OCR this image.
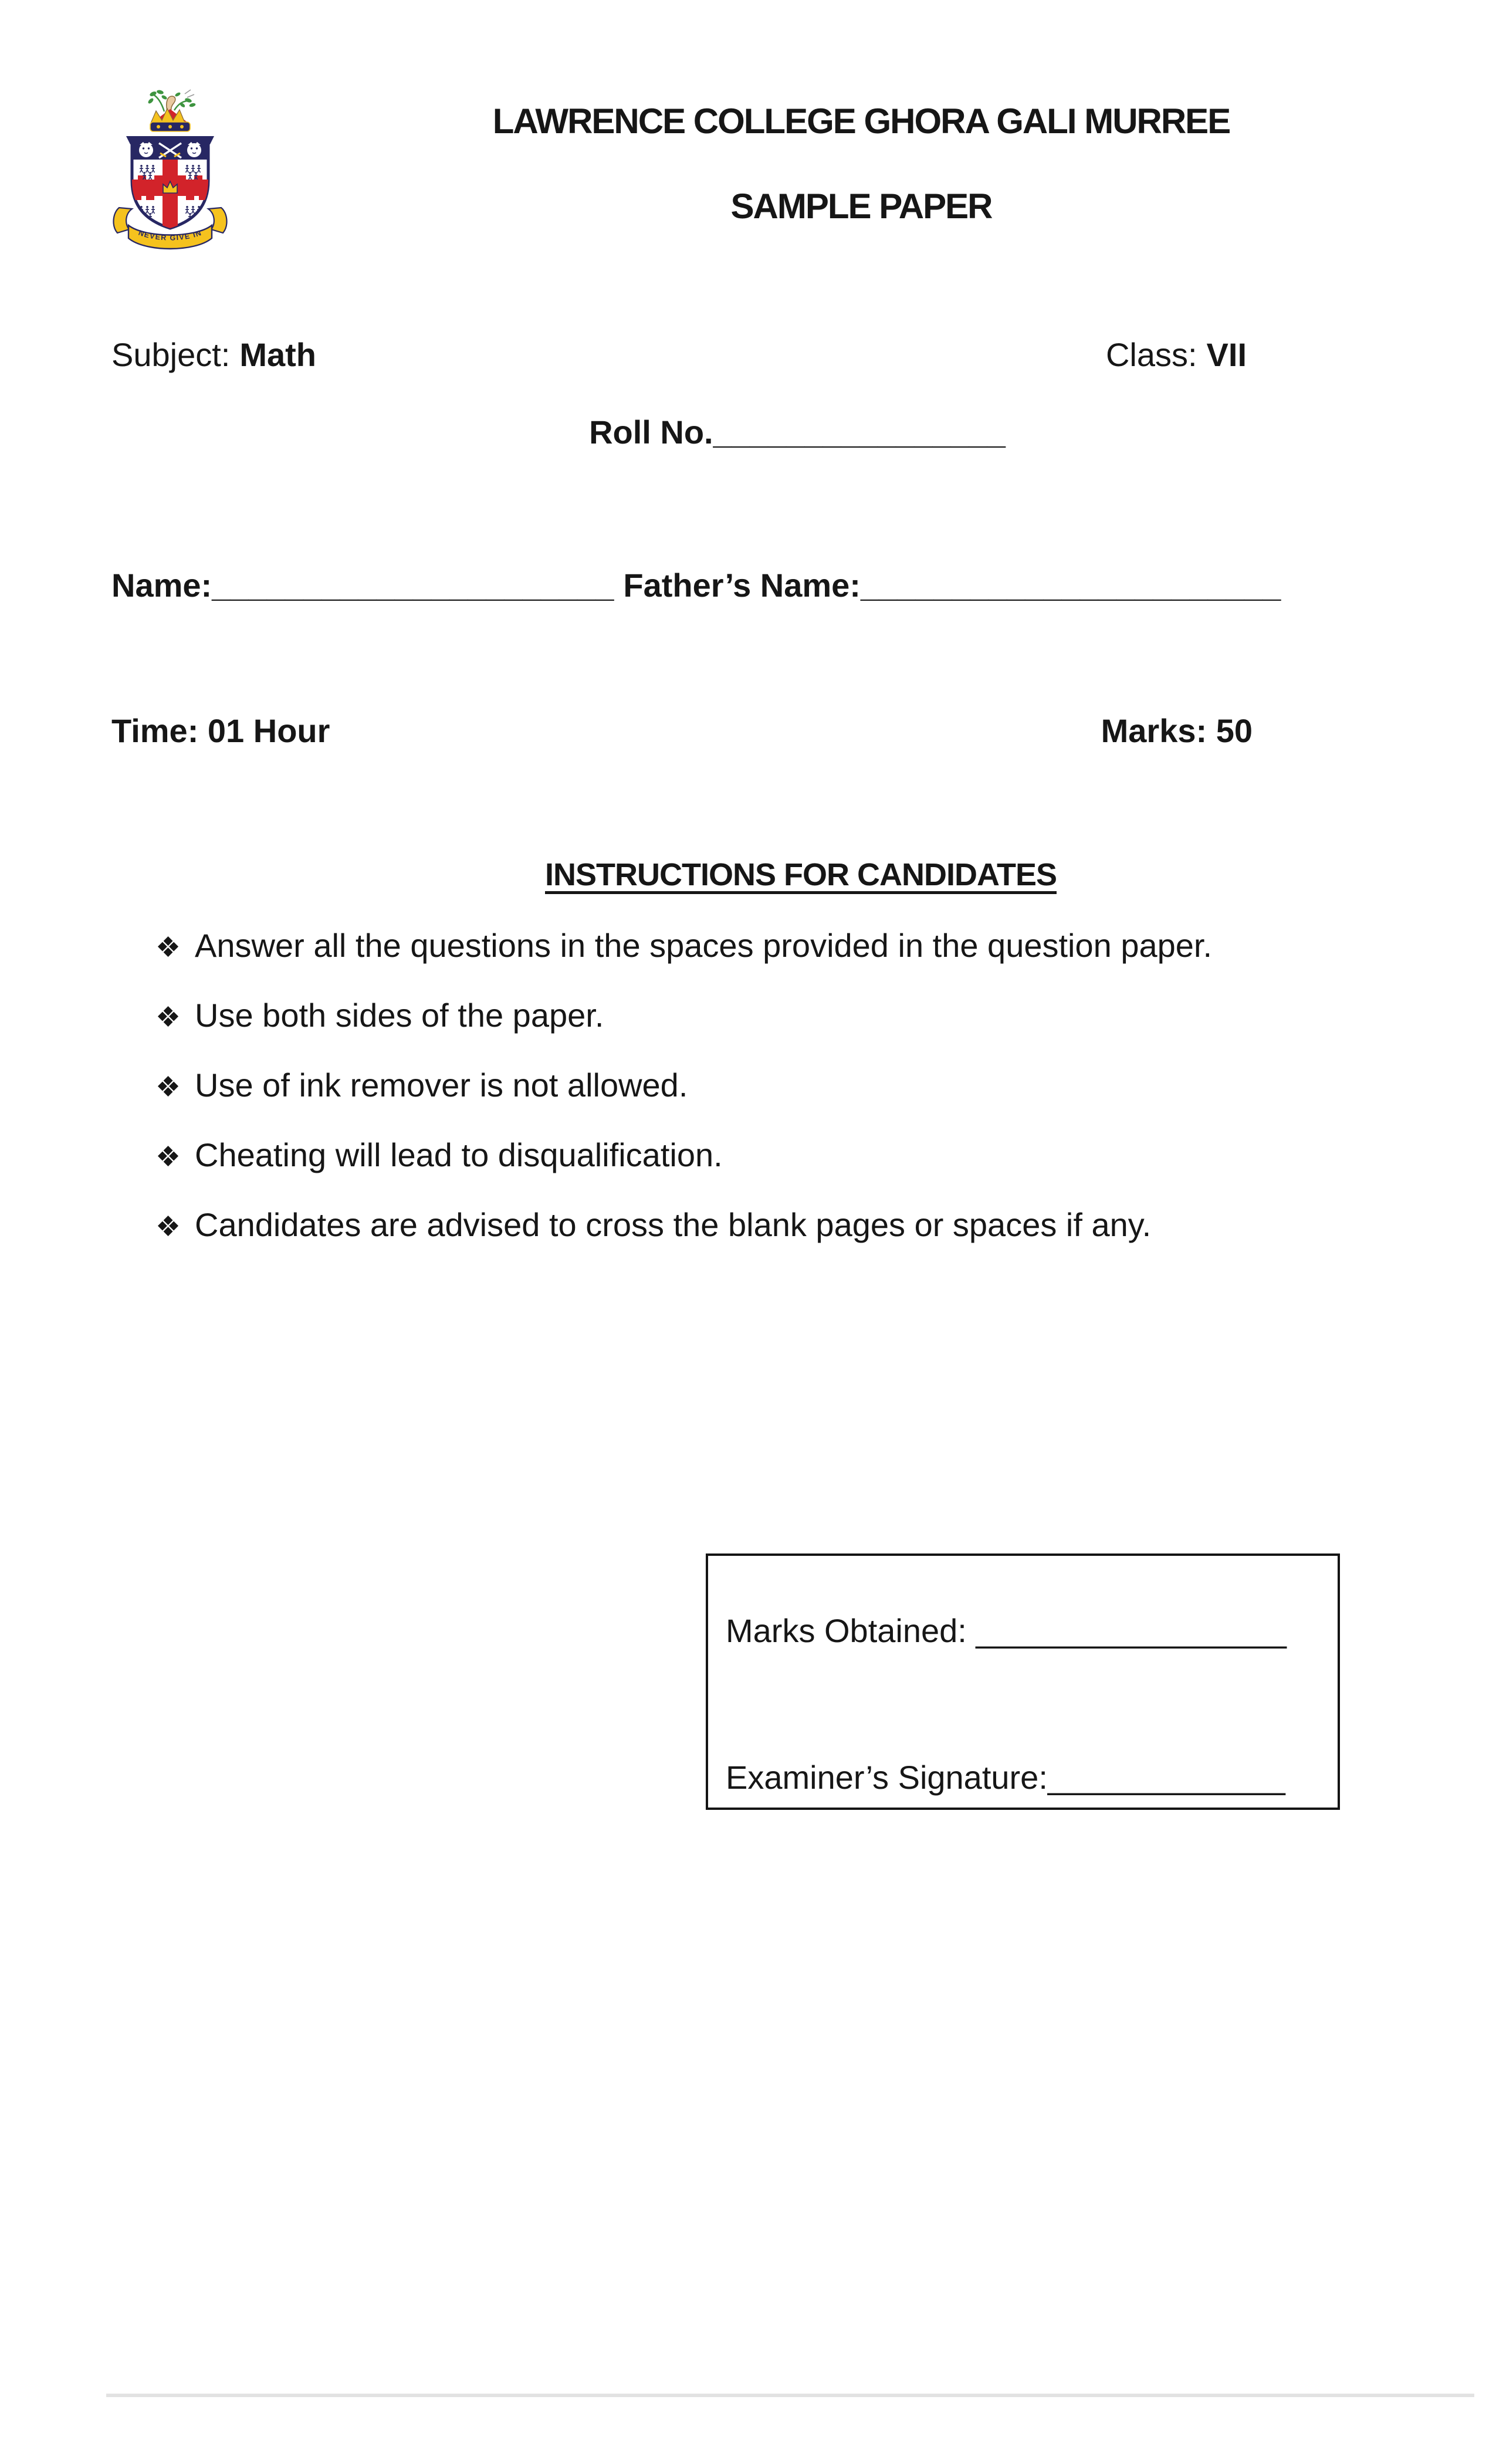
NEVER GIVE IN
LAWRENCE COLLEGE GHORA GALI MURREE
SAMPLE PAPER
Subject: Math	Class: VII
Roll No.________________
Name:______________________ Father’s Name:_______________________
Time: 01 Hour	Marks: 50
INSTRUCTIONS FOR CANDIDATES
❖ Answer all the questions in the spaces provided in the question paper.
❖ Use both sides of the paper.
❖ Use of ink remover is not allowed.
❖ Cheating will lead to disqualification.
❖ Candidates are advised to cross the blank pages or spaces if any.
Marks Obtained: _________________
Examiner’s Signature:_____________
